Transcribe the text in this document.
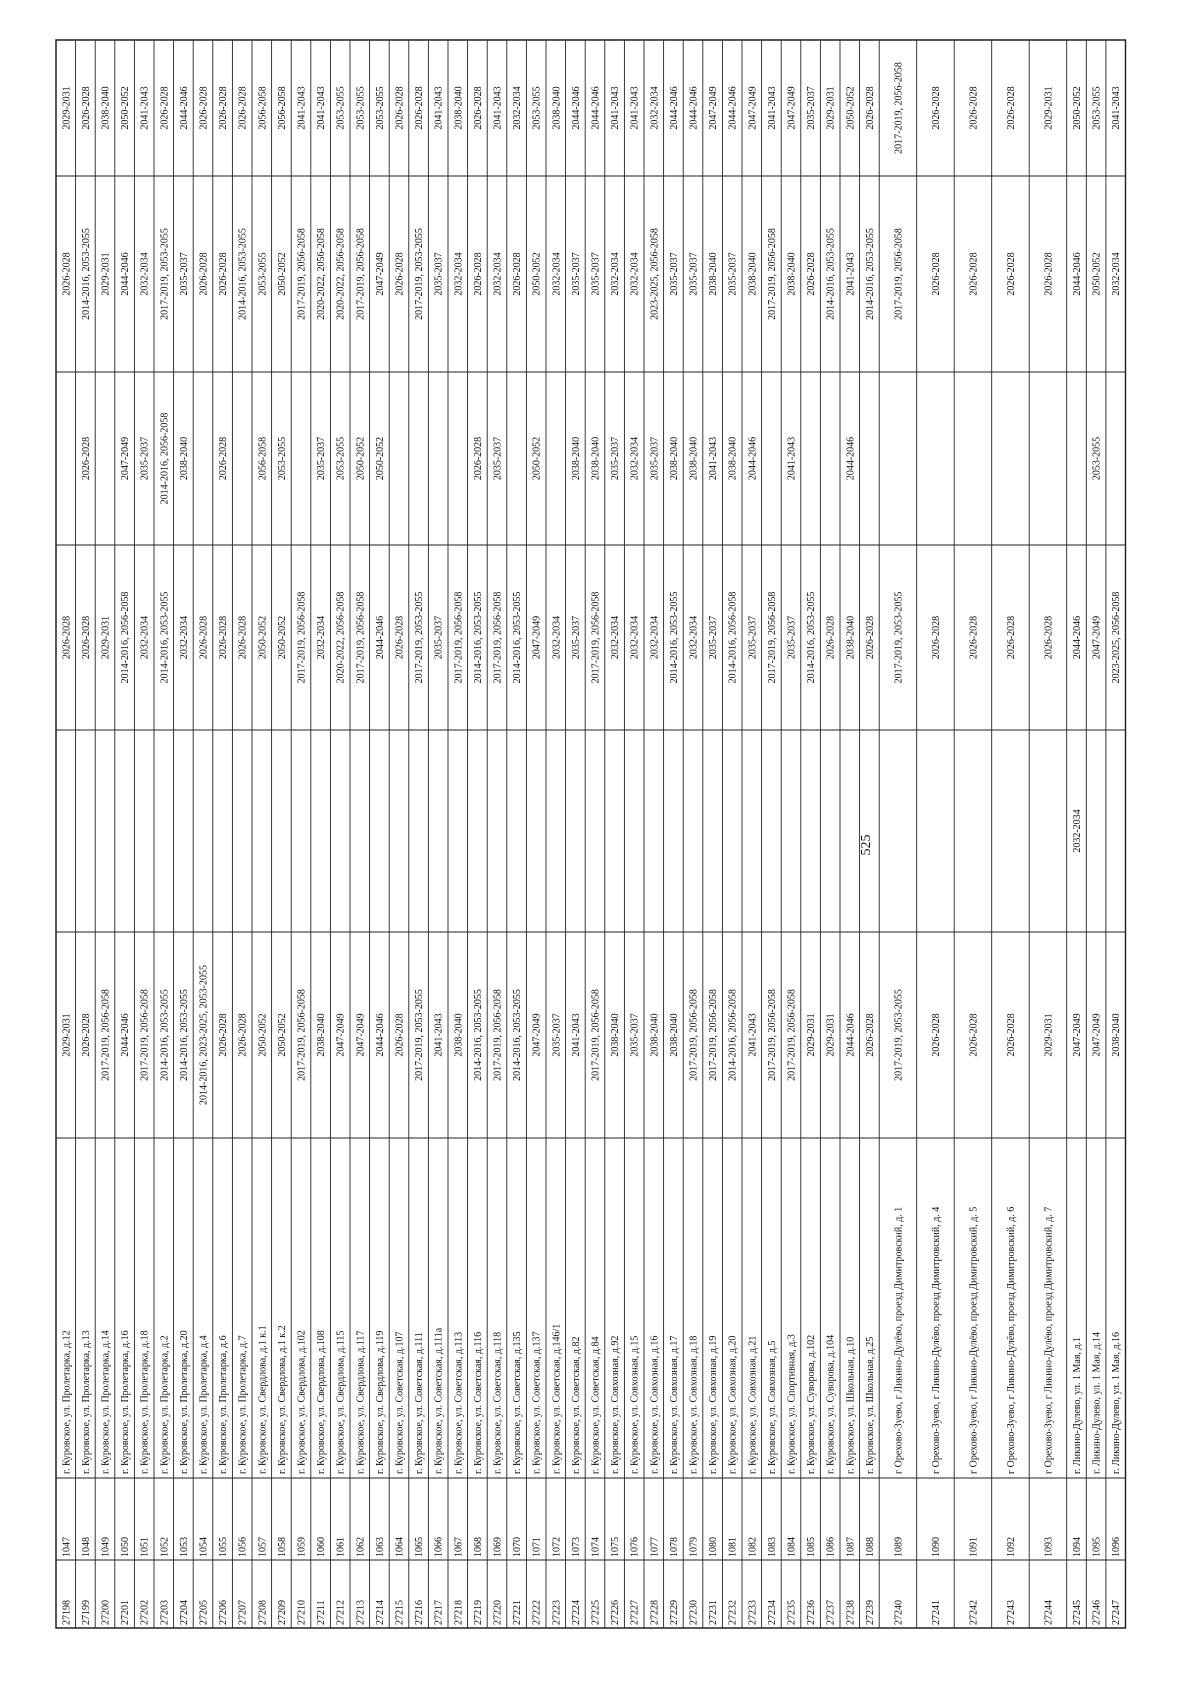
27198
1047
г. Куровское, ул. Пролетарка, д.12
2029-2031
2026-2028
2026-2028
2029-2031
27199
1048
г. Куровское, ул. Пролетарка, д.13
2026-2028
2026-2028
2026-2028
2014-2016, 2053-2055
2026-2028
27200
1049
г. Куровское, ул. Пролетарка, д.14
2017-2019, 2056-2058
2029-2031
2029-2031
2038-2040
27201
1050
г. Куровское, ул. Пролетарка, д.16
2044-2046
2014-2016, 2056-2058
2047-2049
2044-2046
2050-2052
27202
1051
г. Куровское, ул. Пролетарка, д.18
2017-2019, 2056-2058
2032-2034
2035-2037
2032-2034
2041-2043
27203
1052
г. Куровское, ул. Пролетарка, д.2
2014-2016, 2053-2055
2014-2016, 2053-2055
2014-2016, 2056-2058
2017-2019, 2053-2055
2026-2028
27204
1053
г. Куровское, ул. Пролетарка, д.20
2014-2016, 2053-2055
2032-2034
2038-2040
2035-2037
2044-2046
27205
1054
г. Куровское, ул. Пролетарка, д.4
2014-2016, 2023-2025, 2053-2055
2026-2028
2026-2028
2026-2028
27206
1055
г. Куровское, ул. Пролетарка, д.6
2026-2028
2026-2028
2026-2028
2026-2028
2026-2028
27207
1056
г. Куровское, ул. Пролетарка, д.7
2026-2028
2026-2028
2014-2016, 2053-2055
2026-2028
27208
1057
г. Куровское, ул. Свердлова, д.1 к.1
2050-2052
2050-2052
2056-2058
2053-2055
2056-2058
27209
1058
г. Куровское, ул. Свердлова, д.1 к.2
2050-2052
2050-2052
2053-2055
2050-2052
2056-2058
27210
1059
г. Куровское, ул. Свердлова, д.102
2017-2019, 2056-2058
2017-2019, 2056-2058
2017-2019, 2056-2058
2041-2043
27211
1060
г. Куровское, ул. Свердлова, д.108
2038-2040
2032-2034
2035-2037
2020-2022, 2056-2058
2041-2043
27212
1061
г. Куровское, ул. Свердлова, д.115
2047-2049
2020-2022, 2056-2058
2053-2055
2020-2022, 2056-2058
2053-2055
27213
1062
г. Куровское, ул. Свердлова, д.117
2047-2049
2017-2019, 2056-2058
2050-2052
2017-2019, 2056-2058
2053-2055
27214
1063
г. Куровское, ул. Свердлова, д.119
2044-2046
2044-2046
2050-2052
2047-2049
2053-2055
27215
1064
г. Куровское, ул. Советская, д.107
2026-2028
2026-2028
2026-2028
2026-2028
27216
1065
г. Куровское, ул. Советская, д.111
2017-2019, 2053-2055
2017-2019, 2053-2055
2017-2019, 2053-2055
2026-2028
27217
1066
г. Куровское, ул. Советская, д.111а
2041-2043
2035-2037
2035-2037
2041-2043
27218
1067
г. Куровское, ул. Советская, д.113
2038-2040
2017-2019, 2056-2058
2032-2034
2038-2040
27219
1068
г. Куровское, ул. Советская, д.116
2014-2016, 2053-2055
2014-2016, 2053-2055
2026-2028
2026-2028
2026-2028
27220
1069
г. Куровское, ул. Советская, д.118
2017-2019, 2056-2058
2017-2019, 2056-2058
2035-2037
2032-2034
2041-2043
27221
1070
г. Куровское, ул. Советская, д.135
2014-2016, 2053-2055
2014-2016, 2053-2055
2026-2028
2032-2034
27222
1071
г. Куровское, ул. Советская, д.137
2047-2049
2047-2049
2050-2052
2050-2052
2053-2055
27223
1072
г. Куровское, ул. Советская, д.146/1
2035-2037
2032-2034
2032-2034
2038-2040
27224
1073
г. Куровское, ул. Советская, д.82
2041-2043
2035-2037
2038-2040
2035-2037
2044-2046
27225
1074
г. Куровское, ул. Советская, д.84
2017-2019, 2056-2058
2017-2019, 2056-2058
2038-2040
2035-2037
2044-2046
27226
1075
г. Куровское, ул. Совхозная, д.92
2038-2040
2032-2034
2035-2037
2032-2034
2041-2043
27227
1076
г. Куровское, ул. Совхозная, д.15
2035-2037
2032-2034
2032-2034
2032-2034
2041-2043
27228
1077
г. Куровское, ул. Совхозная, д.16
2038-2040
2032-2034
2035-2037
2023-2025, 2056-2058
2032-2034
27229
1078
г. Куровское, ул. Совхозная, д.17
2038-2040
2014-2016, 2053-2055
2038-2040
2035-2037
2044-2046
27230
1079
г. Куровское, ул. Совхозная, д.18
2017-2019, 2056-2058
2032-2034
2038-2040
2035-2037
2044-2046
27231
1080
г. Куровское, ул. Совхозная, д.19
2017-2019, 2056-2058
2035-2037
2041-2043
2038-2040
2047-2049
27232
1081
г. Куровское, ул. Совхозная, д.20
2014-2016, 2056-2058
2014-2016, 2056-2058
2038-2040
2035-2037
2044-2046
27233
1082
г. Куровское, ул. Совхозная, д.21
2041-2043
2035-2037
2044-2046
2038-2040
2047-2049
27234
1083
г. Куровское, ул. Совхозная, д.5
2017-2019, 2056-2058
2017-2019, 2056-2058
2017-2019, 2056-2058
2041-2043
27235
1084
г. Куровское, ул. Спортивная, д.3
2017-2019, 2056-2058
2035-2037
2041-2043
2038-2040
2047-2049
27236
1085
г. Куровское, ул. Суворова, д.102
2029-2031
2014-2016, 2053-2055
2026-2028
2035-2037
27237
1086
г. Куровское, ул. Суворова, д.104
2029-2031
2026-2028
2014-2016, 2053-2055
2029-2031
27238
1087
г. Куровское, ул. Школьная, д.10
2044-2046
2038-2040
2044-2046
2041-2043
2050-2052
27239
1088
г. Куровское, ул. Школьная, д.25
2026-2028
2026-2028
2014-2016, 2053-2055
2026-2028
27240
1089
г Орехово-Зуево, г Ликино-Дулёво, проезд Димитровский, д. 1
2017-2019, 2053-2055
2017-2019, 2053-2055
2017-2019, 2056-2058
2017-2019, 2056-2058
27241
1090
г Орехово-Зуево, г Ликино-Дулёво, проезд Димитровский, д. 4
2026-2028
2026-2028
2026-2028
2026-2028
27242
1091
г Орехово-Зуево, г Ликино-Дулёво, проезд Димитровский, д. 5
2026-2028
2026-2028
2026-2028
2026-2028
27243
1092
г Орехово-Зуево, г Ликино-Дулёво, проезд Димитровский, д. 6
2026-2028
2026-2028
2026-2028
2026-2028
27244
1093
г Орехово-Зуево, г Ликино-Дулёво, проезд Димитровский, д. 7
2029-2031
2026-2028
2026-2028
2029-2031
27245
1094
г. Ликино-Дулево, ул. 1 Мая, д.1
2047-2049
2032-2034
2044-2046
2044-2046
2050-2052
27246
1095
г. Ликино-Дулево, ул. 1 Мая, д.14
2047-2049
2047-2049
2053-2055
2050-2052
2053-2055
27247
1096
г. Ликино-Дулево, ул. 1 Мая, д.16
2038-2040
2023-2025, 2056-2058
2032-2034
2041-2043
525
